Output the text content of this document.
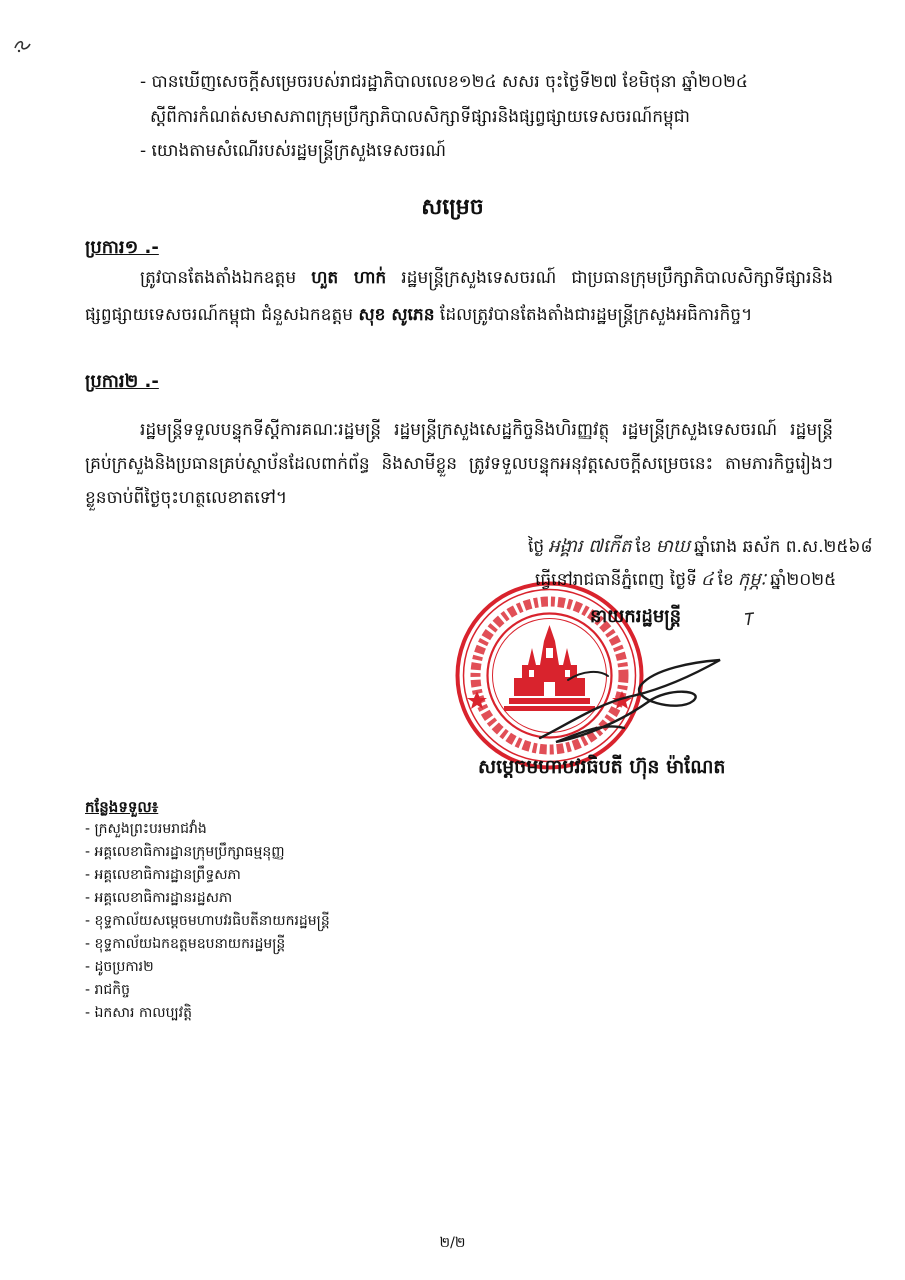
- បានឃើញសេចក្តីសម្រេចរបស់រាជរដ្ឋាភិបាលលេខ១២៤ សសរ ចុះថ្ងៃទី២៧ ខែមិថុនា ឆ្នាំ២០២៤
ស្តីពីការកំណត់សមាសភាពក្រុមប្រឹក្សាភិបាលសិក្សាទីផ្សារនិងផ្សព្វផ្សាយទេសចរណ៍កម្ពុជា
- យោងតាមសំណើរបស់រដ្ឋមន្ត្រីក្រសួងទេសចរណ៍
សម្រេច
ប្រការ១ .-
ត្រូវបានតែងតាំងឯកឧត្តម ហួត ហាក់ រដ្ឋមន្ត្រីក្រសួងទេសចរណ៍ ជាប្រធានក្រុមប្រឹក្សាភិបាលសិក្សាទីផ្សារនិងផ្សព្វផ្សាយទេសចរណ៍កម្ពុជា ជំនួសឯកឧត្តម សុខ សូភេន ដែលត្រូវបានតែងតាំងជារដ្ឋមន្ត្រីក្រសួងអធិការកិច្ច។
ប្រការ២ .-
រដ្ឋមន្ត្រីទទួលបន្ទុកទីស្តីការគណៈរដ្ឋមន្ត្រី រដ្ឋមន្ត្រីក្រសួងសេដ្ឋកិច្ចនិងហិរញ្ញវត្ថុ រដ្ឋមន្ត្រីក្រសួងទេសចរណ៍ រដ្ឋមន្ត្រីគ្រប់ក្រសួងនិងប្រធានគ្រប់ស្ថាប័នដែលពាក់ព័ន្ធ និងសាមីខ្លួន ត្រូវទទួលបន្ទុកអនុវត្តសេចក្តីសម្រេចនេះ តាមភារកិច្ចរៀងៗខ្លួនចាប់ពីថ្ងៃចុះហត្ថលេខាតទៅ។
ថ្ងៃ អង្គារ ៧កើត ខែ មាឃ ឆ្នាំរោង ឆស័ក ព.ស.២៥៦៨
ធ្វើនៅរាជធានីភ្នំពេញ ថ្ងៃទី ៤ ខែ កុម្ភៈ ឆ្នាំ២០២៥
នាយករដ្ឋមន្ត្រី
សម្តេចមហាបវរធិបតី ហ៊ុន ម៉ាណែត
កន្លែងទទួល៖
- ក្រសួងព្រះបរមរាជវាំង
- អគ្គលេខាធិការដ្ឋានក្រុមប្រឹក្សាធម្មនុញ្ញ
- អគ្គលេខាធិការដ្ឋានព្រឹទ្ធសភា
- អគ្គលេខាធិការដ្ឋានរដ្ឋសភា
- ខុទ្ទកាល័យសម្តេចមហាបវរធិបតីនាយករដ្ឋមន្ត្រី
- ខុទ្ទកាល័យឯកឧត្តមឧបនាយករដ្ឋមន្ត្រី
- ដូចប្រការ២
- រាជកិច្ច
- ឯកសារ កាលប្បវត្តិ
២/២
